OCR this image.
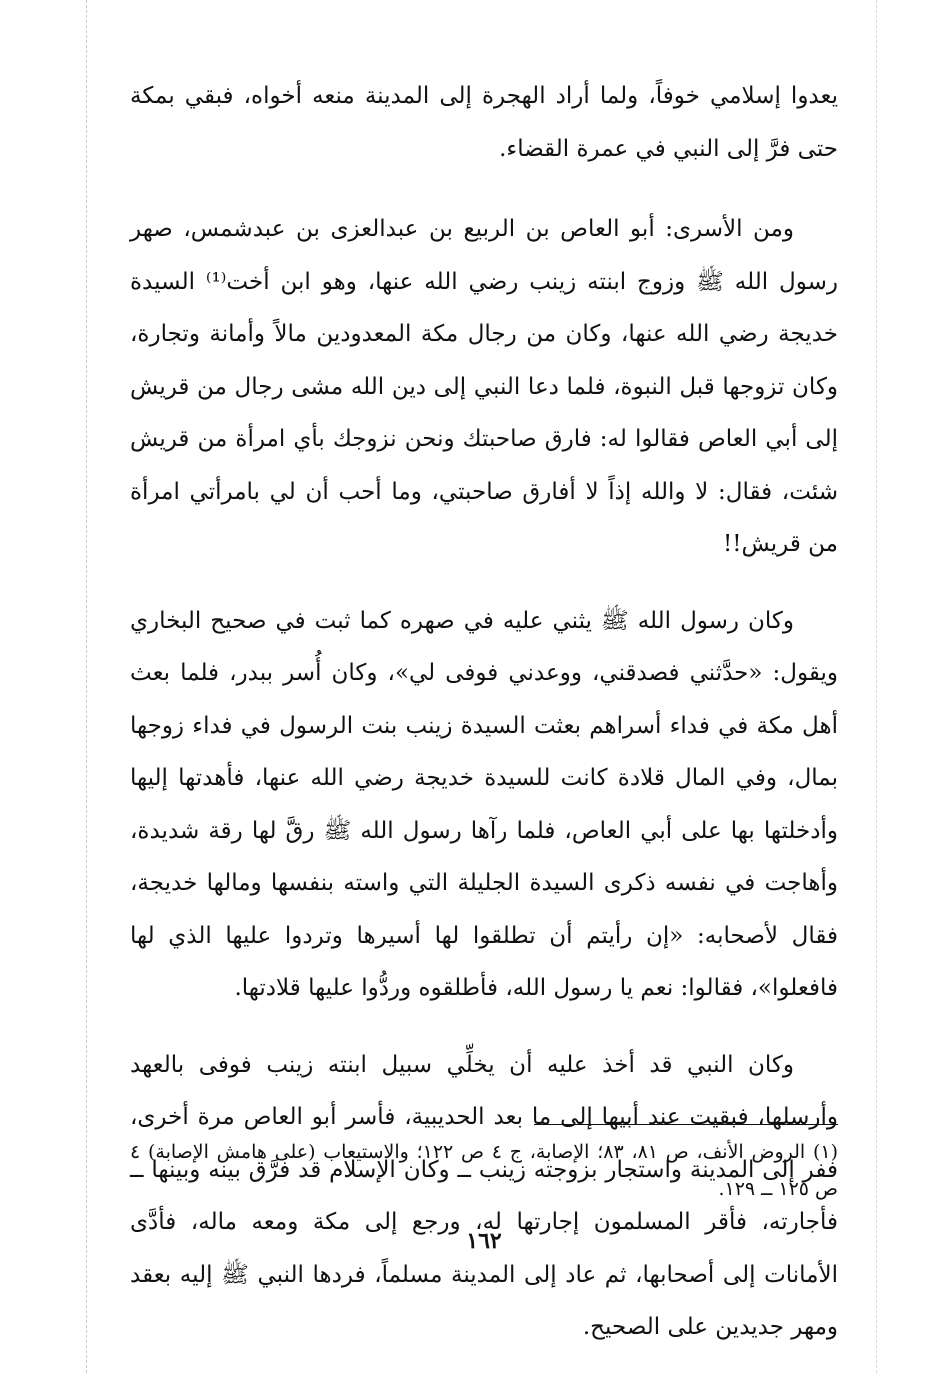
يعدوا إسلامي خوفاً، ولما أراد الهجرة إلى المدينة منعه أخواه، فبقي بمكة حتى فرَّ إلى النبي في عمرة القضاء.

ومن الأسرى: أبو العاص بن الربيع بن عبدالعزى بن عبدشمس، صهر رسول الله ﷺ وزوج ابنته زينب رضي الله عنها، وهو ابن أخت⁽¹⁾ السيدة خديجة رضي الله عنها، وكان من رجال مكة المعدودين مالاً وأمانة وتجارة، وكان تزوجها قبل النبوة، فلما دعا النبي إلى دين الله مشى رجال من قريش إلى أبي العاص فقالوا له: فارق صاحبتك ونحن نزوجك بأي امرأة من قريش شئت، فقال: لا والله إذاً لا أفارق صاحبتي، وما أحب أن لي بامرأتي امرأة من قريش!!

وكان رسول الله ﷺ يثني عليه في صهره كما ثبت في صحيح البخاري ويقول: «حدَّثني فصدقني، ووعدني فوفى لي»، وكان أُسر ببدر، فلما بعث أهل مكة في فداء أسراهم بعثت السيدة زينب بنت الرسول في فداء زوجها بمال، وفي المال قلادة كانت للسيدة خديجة رضي الله عنها، فأهدتها إليها وأدخلتها بها على أبي العاص، فلما رآها رسول الله ﷺ رقَّ لها رقة شديدة، وأهاجت في نفسه ذكرى السيدة الجليلة التي واسته بنفسها ومالها خديجة، فقال لأصحابه: «إن رأيتم أن تطلقوا لها أسيرها وتردوا عليها الذي لها فافعلوا»، فقالوا: نعم يا رسول الله، فأطلقوه وردُّوا عليها قلادتها.

وكان النبي قد أخذ عليه أن يخلِّي سبيل ابنته زينب فوفى بالعهد وأرسلها، فبقيت عند أبيها إلى ما بعد الحديبية، فأسر أبو العاص مرة أخرى، ففر إلى المدينة واستجار بزوجته زينب ــ وكان الإسلام قد فرَّق بينه وبينها ــ فأجارته، فأقر المسلمون إجارتها له، ورجع إلى مكة ومعه ماله، فأدَّى الأمانات إلى أصحابها، ثم عاد إلى المدينة مسلماً، فردها النبي ﷺ إليه بعقد ومهر جديدين على الصحيح.

(١) الروض الأنف، ص ٨١، ٨٣؛ الإصابة، ج ٤ ص ١٢٢؛ والاستيعاب (على هامش الإصابة) ٤ ص ١٢٥ ــ ١٢٩.

١٦٢
